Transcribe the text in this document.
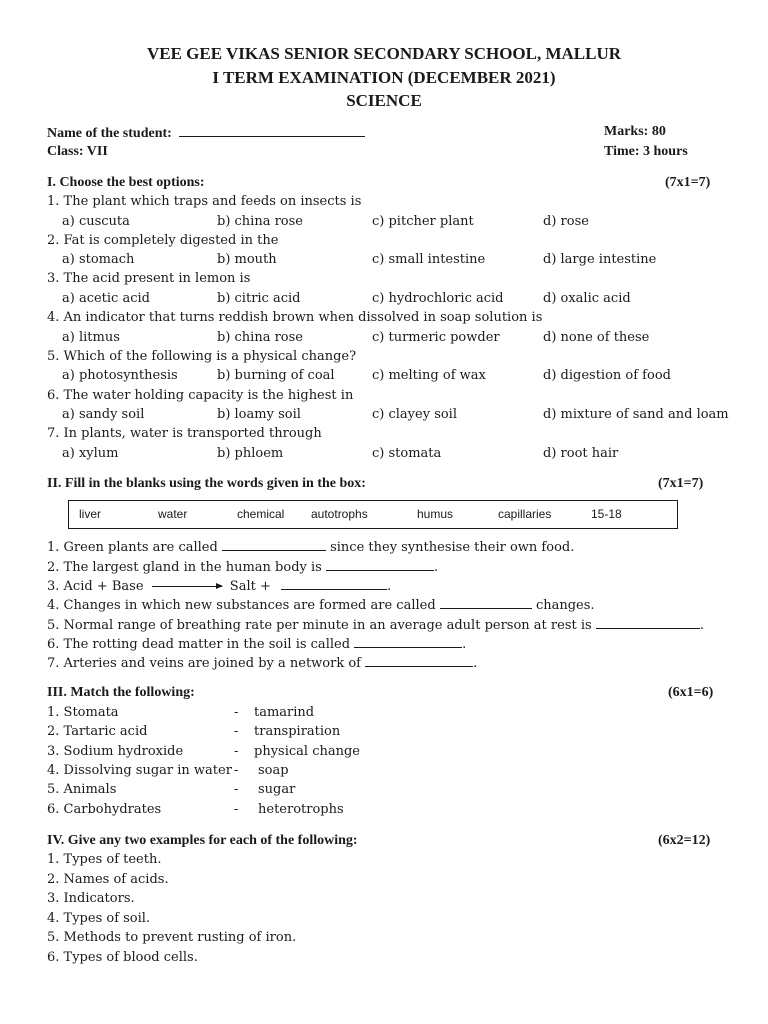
VEE GEE VIKAS SENIOR SECONDARY SCHOOL, MALLUR
I TERM EXAMINATION (DECEMBER 2021)
SCIENCE
Name of the student:	Marks: 80
Class: VII	Time: 3 hours
I. Choose the best options:	(7x1=7)
1. The plant which traps and feeds on insects is
a) cuscuta	b) china rose	c) pitcher plant	d) rose
2. Fat is completely digested in the
a) stomach	b) mouth	c) small intestine	d) large intestine
3. The acid present in lemon is
a) acetic acid	b) citric acid	c) hydrochloric acid	d) oxalic acid
4. An indicator that turns reddish brown when dissolved in soap solution is
a) litmus	b) china rose	c) turmeric powder	d) none of these
5. Which of the following is a physical change?
a) photosynthesis	b) burning of coal	c) melting of wax	d) digestion of food
6. The water holding capacity is the highest in
a) sandy soil	b) loamy soil	c) clayey soil	d) mixture of sand and loam
7. In plants, water is transported through
a) xylum	b) phloem	c) stomata	d) root hair
II. Fill in the blanks using the words given in the box:	(7x1=7)
liver	water	chemical autotrophs	humus	capillaries	15-18
1. Green plants are called	since they synthesise their own food.
2. The largest gland in the human body is	.
3. Acid + Base	Salt +	.
4. Changes in which new substances are formed are called	changes.
5. Normal range of breathing rate per minute in an average adult person at rest is	.
6. The rotting dead matter in the soil is called	.
7. Arteries and veins are joined by a network of	.
III. Match the following:	(6x1=6)
1. Stomata	- tamarind
2. Tartaric acid	- transpiration
3. Sodium hydroxide	- physical change
4. Dissolving sugar in water - soap
5. Animals	- sugar
6. Carbohydrates	- heterotrophs
IV. Give any two examples for each of the following:	(6x2=12)
1. Types of teeth.
2. Names of acids.
3. Indicators.
4. Types of soil.
5. Methods to prevent rusting of iron.
6. Types of blood cells.
